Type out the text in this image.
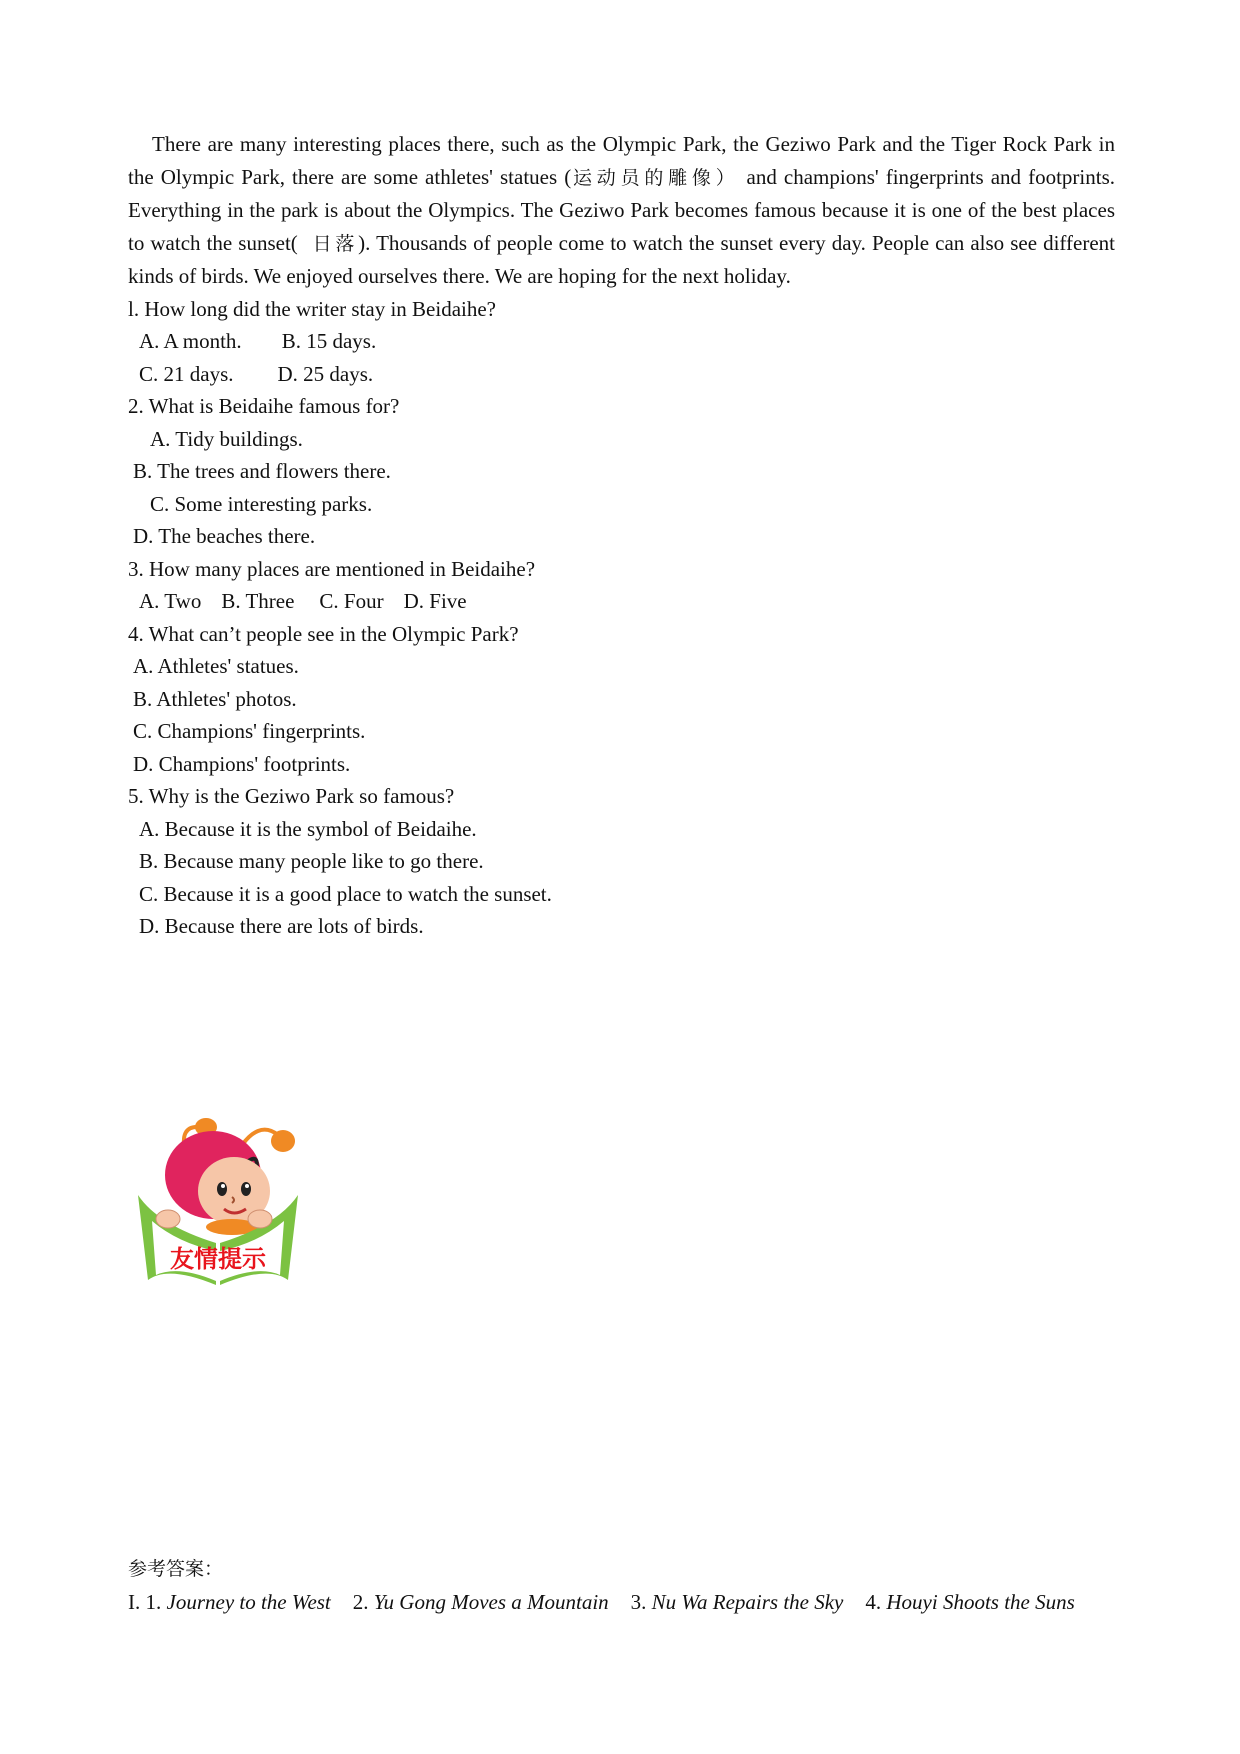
There are many interesting places there, such as the Olympic Park, the Geziwo Park and the Tiger Rock Park in the Olympic Park, there are some athletes' statues (运动员的雕像） and champions' fingerprints and footprints. Everything in the park is about the Olympics. The Geziwo Park becomes famous because it is one of the best places to watch the sunset( 日落). Thousands of people come to watch the sunset every day. People can also see different kinds of birds. We enjoyed ourselves there. We are hoping for the next holiday.

l. How long did the writer stay in Beidaihe?

A. A month. B. 15 days.

C. 21 days. D. 25 days.

2. What is Beidaihe famous for?

A. Tidy buildings.

B. The trees and flowers there.

C. Some interesting parks.

D. The beaches there.

3. How many places are mentioned in Beidaihe?

A. Two B. Three C. Four D. Five

4. What can’t people see in the Olympic Park?

A. Athletes' statues.

B. Athletes' photos.

C. Champions' fingerprints.

D. Champions' footprints.

5. Why is the Geziwo Park so famous?

A. Because it is the symbol of Beidaihe.

B. Because many people like to go there.

C. Because it is a good place to watch the sunset.

D. Because there are lots of birds.

友情提示
参考答案：
I. 1. Journey to the West 2. Yu Gong Moves a Mountain 3. Nu Wa Repairs the Sky 4. Houyi Shoots the Suns
